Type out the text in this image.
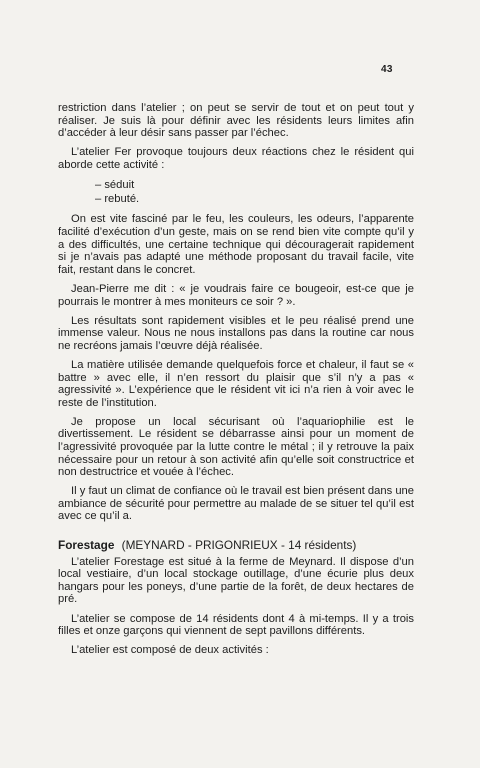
43

restriction dans l’atelier ; on peut se servir de tout et on peut tout y réaliser. Je suis là pour définir avec les résidents leurs limites afin d’accéder à leur désir sans passer par l’échec.

L’atelier Fer provoque toujours deux réactions chez le résident qui aborde cette activité :

– séduit
– rebuté.

On est vite fasciné par le feu, les couleurs, les odeurs, l’apparente facilité d’exécution d’un geste, mais on se rend bien vite compte qu’il y a des difficultés, une certaine technique qui découragerait rapidement si je n’avais pas adapté une méthode proposant du travail facile, vite fait, restant dans le concret.

Jean-Pierre me dit : « je voudrais faire ce bougeoir, est-ce que je pourrais le montrer à mes moniteurs ce soir ? ».

Les résultats sont rapidement visibles et le peu réalisé prend une immense valeur. Nous ne nous installons pas dans la routine car nous ne recréons jamais l’œuvre déjà réalisée.

La matière utilisée demande quelquefois force et chaleur, il faut se « battre » avec elle, il n’en ressort du plaisir que s’il n’y a pas « agressivité ». L’expérience que le résident vit ici n’a rien à voir avec le reste de l’institution.

Je propose un local sécurisant où l’aquariophilie est le divertissement. Le résident se débarrasse ainsi pour un moment de l’agressivité provoquée par la lutte contre le métal ; il y retrouve la paix nécessaire pour un retour à son activité afin qu’elle soit constructrice et non destructrice et vouée à l’échec.

Il y faut un climat de confiance où le travail est bien présent dans une ambiance de sécurité pour permettre au malade de se situer tel qu’il est avec ce qu’il a.

Forestage (MEYNARD - PRIGONRIEUX - 14 résidents)

L’atelier Forestage est situé à la ferme de Meynard. Il dispose d’un local vestiaire, d’un local stockage outillage, d’une écurie plus deux hangars pour les poneys, d’une partie de la forêt, de deux hectares de pré.

L’atelier se compose de 14 résidents dont 4 à mi-temps. Il y a trois filles et onze garçons qui viennent de sept pavillons différents.

L’atelier est composé de deux activités :
